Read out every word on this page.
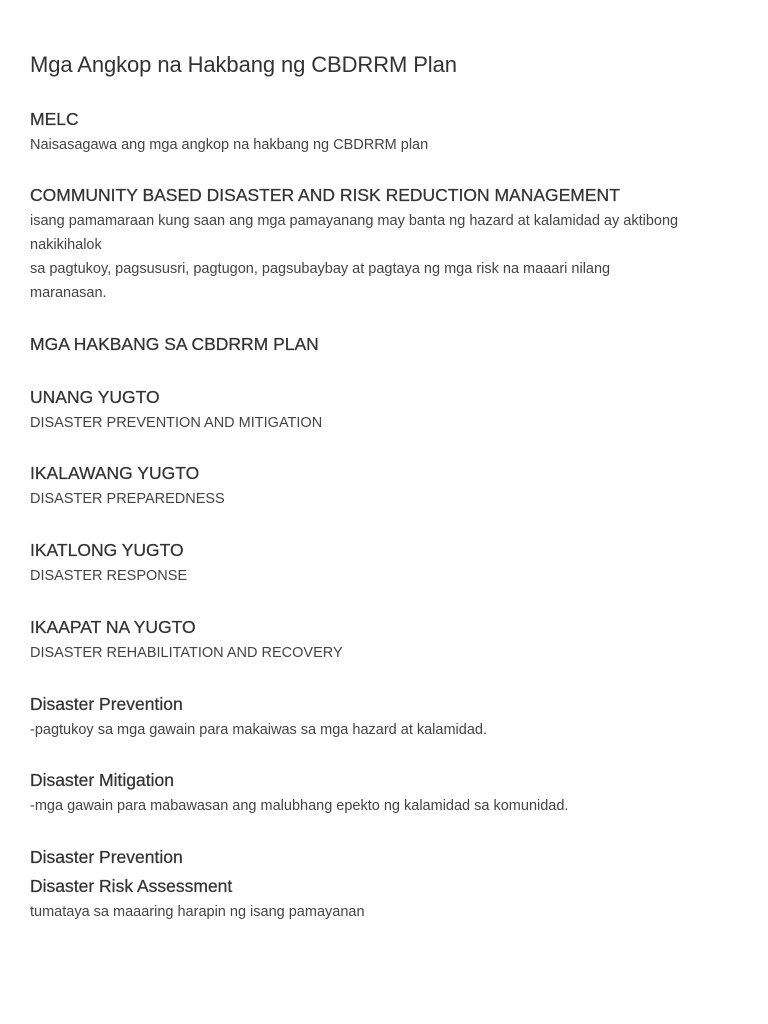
Mga Angkop na Hakbang ng CBDRRM Plan

MELC

Naisasagawa ang mga angkop na hakbang ng CBDRRM plan

COMMUNITY BASED DISASTER AND RISK REDUCTION MANAGEMENT

isang pamamaraan kung saan ang mga pamayanang may banta ng hazard at kalamidad ay aktibong

nakikihalok

sa pagtukoy, pagsususri, pagtugon, pagsubaybay at pagtaya ng mga risk na maaari nilang

maranasan.

MGA HAKBANG SA CBDRRM PLAN

UNANG YUGTO

DISASTER PREVENTION AND MITIGATION

IKALAWANG YUGTO

DISASTER PREPAREDNESS

IKATLONG YUGTO

DISASTER RESPONSE

IKAAPAT NA YUGTO

DISASTER REHABILITATION AND RECOVERY

Disaster Prevention

-pagtukoy sa mga gawain para makaiwas sa mga hazard at kalamidad.

Disaster Mitigation

-mga gawain para mabawasan ang malubhang epekto ng kalamidad sa komunidad.

Disaster Prevention

Disaster Risk Assessment

tumataya sa maaaring harapin ng isang pamayanan
